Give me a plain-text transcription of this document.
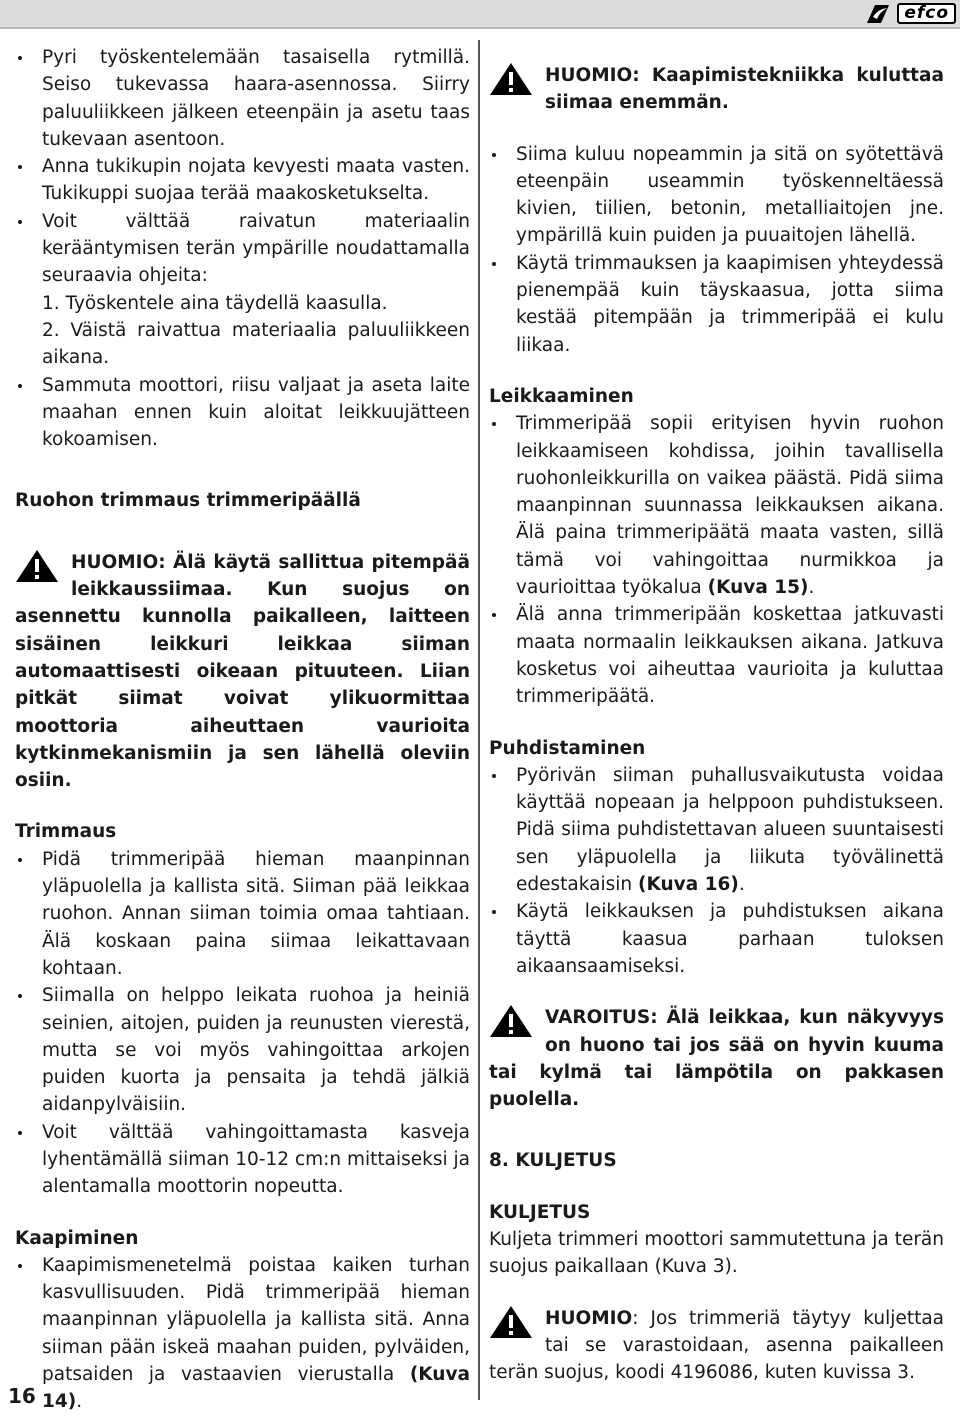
efco
Pyri työskentelemään tasaisella rytmillä. Seiso tukevassa haara-asennossa. Siirry paluuliikkeen jälkeen eteenpäin ja asetu taas tukevaan asentoon.
Anna tukikupin nojata kevyesti maata vasten. Tukikuppi suojaa terää maakosketukselta.
Voit välttää raivatun materiaalin kerääntymisen terän ympärille noudattamalla seuraavia ohjeita:

1. Työskentele aina täydellä kaasulla.

2. Väistä raivattua materiaalia paluuliikkeen aikana.

Sammuta moottori, riisu valjaat ja aseta laite maahan ennen kuin aloitat leikkuujätteen kokoamisen.
Ruohon trimmaus trimmeripäällä
HUOMIO: Älä käytä sallittua pitempää leikkaussiimaa. Kun suojus on asennettu kunnolla paikalleen, laitteen sisäinen leikkuri leikkaa siiman automaattisesti oikeaan pituuteen. Liian pitkät siimat voivat ylikuormittaa moottoria aiheuttaen vaurioita kytkinmekanismiin ja sen lähellä oleviin osiin.
Trimmaus
Pidä trimmeripää hieman maanpinnan yläpuolella ja kallista sitä. Siiman pää leikkaa ruohon. Annan siiman toimia omaa tahtiaan. Älä koskaan paina siimaa leikattavaan kohtaan.
Siimalla on helppo leikata ruohoa ja heiniä seinien, aitojen, puiden ja reunusten vierestä, mutta se voi myös vahingoittaa arkojen puiden kuorta ja pensaita ja tehdä jälkiä aidanpylväisiin.
Voit välttää vahingoittamasta kasveja lyhentämällä siiman 10-12 cm:n mittaiseksi ja alentamalla moottorin nopeutta.
Kaapiminen
Kaapimismenetelmä poistaa kaiken turhan kasvullisuuden. Pidä trimmeripää hieman maanpinnan yläpuolella ja kallista sitä. Anna siiman pään iskeä maahan puiden, pylväiden, patsaiden ja vastaavien vierustalla (Kuva 14).
HUOMIO: Kaapimistekniikka kuluttaa siimaa enemmän.
Siima kuluu nopeammin ja sitä on syötettävä eteenpäin useammin työskenneltäessä kivien, tiilien, betonin, metalliaitojen jne. ympärillä kuin puiden ja puuaitojen lähellä.
Käytä trimmauksen ja kaapimisen yhteydessä pienempää kuin täyskaasua, jotta siima kestää pitempään ja trimmeripää ei kulu liikaa.
Leikkaaminen
Trimmeripää sopii erityisen hyvin ruohon leikkaamiseen kohdissa, joihin tavallisella ruohonleikkurilla on vaikea päästä. Pidä siima maanpinnan suunnassa leikkauksen aikana. Älä paina trimmeripäätä maata vasten, sillä tämä voi vahingoittaa nurmikkoa ja vaurioittaa työkalua (Kuva 15).
Älä anna trimmeripään koskettaa jatkuvasti maata normaalin leikkauksen aikana. Jatkuva kosketus voi aiheuttaa vaurioita ja kuluttaa trimmeripäätä.
Puhdistaminen
Pyörivän siiman puhallusvaikutusta voidaa käyttää nopeaan ja helppoon puhdistukseen. Pidä siima puhdistettavan alueen suuntaisesti sen yläpuolella ja liikuta työvälinettä edestakaisin (Kuva 16).
Käytä leikkauksen ja puhdistuksen aikana täyttä kaasua parhaan tuloksen aikaansaamiseksi.
VAROITUS: Älä leikkaa, kun näkyvyys on huono tai jos sää on hyvin kuuma tai kylmä tai lämpötila on pakkasen puolella.
8. KULJETUS
KULJETUS

Kuljeta trimmeri moottori sammutettuna ja terän suojus paikallaan (Kuva 3).

HUOMIO: Jos trimmeriä täytyy kuljettaa tai se varastoidaan, asenna paikalleen terän suojus, koodi 4196086, kuten kuvissa 3.
16
